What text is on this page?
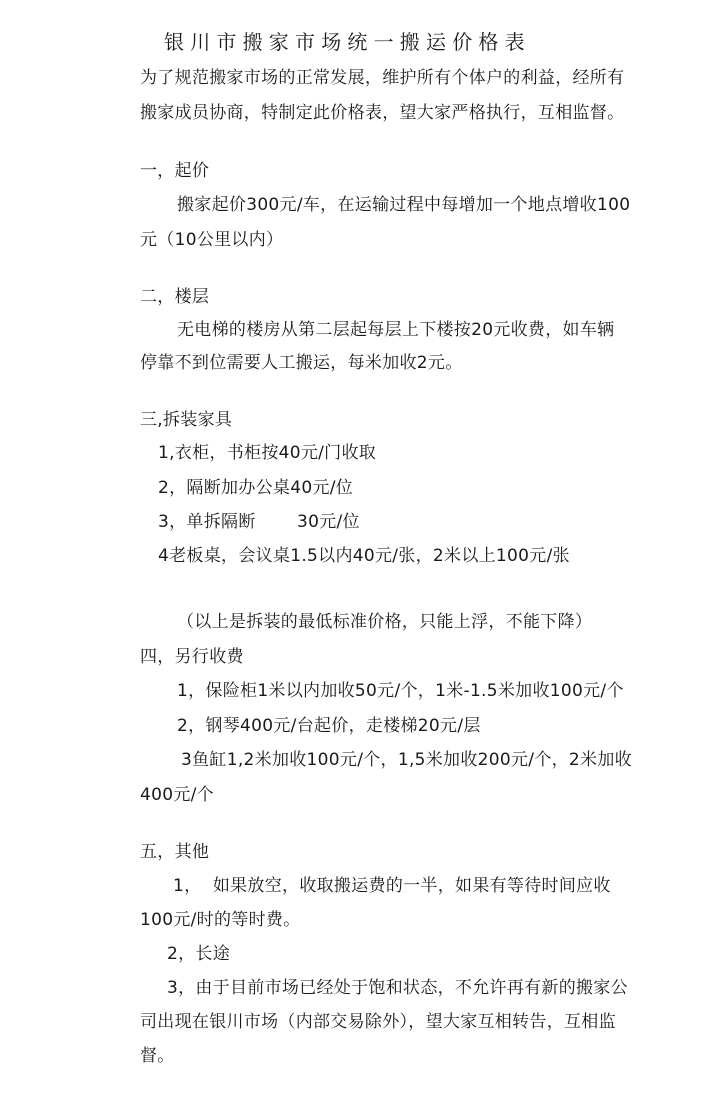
银川市搬家市场统一搬运价格表
为了规范搬家市场的正常发展，维护所有个体户的利益，经所有
搬家成员协商，特制定此价格表，望大家严格执行，互相监督。
一，起价
搬家起价300元/车，在运输过程中每增加一个地点增收100
元（10公里以内）
二，楼层
无电梯的楼房从第二层起每层上下楼按20元收费，如车辆
停靠不到位需要人工搬运，每米加收2元。
三,拆装家具
1,衣柜，书柜按40元/门收取
2，隔断加办公桌40元/位
3，单拆隔断 30元/位
4老板桌，会议桌1.5以内40元/张，2米以上100元/张
（以上是拆装的最低标准价格，只能上浮，不能下降）
四，另行收费
1，保险柜1米以内加收50元/个，1米-1.5米加收100元/个
2，钢琴400元/台起价，走楼梯20元/层
3鱼缸1,2米加收100元/个，1,5米加收200元/个，2米加收
400元/个
五，其他
1，  如果放空，收取搬运费的一半，如果有等待时间应收
100元/时的等时费。
2，长途
3，由于目前市场已经处于饱和状态，不允许再有新的搬家公
司出现在银川市场（内部交易除外），望大家互相转告，互相监
督。
